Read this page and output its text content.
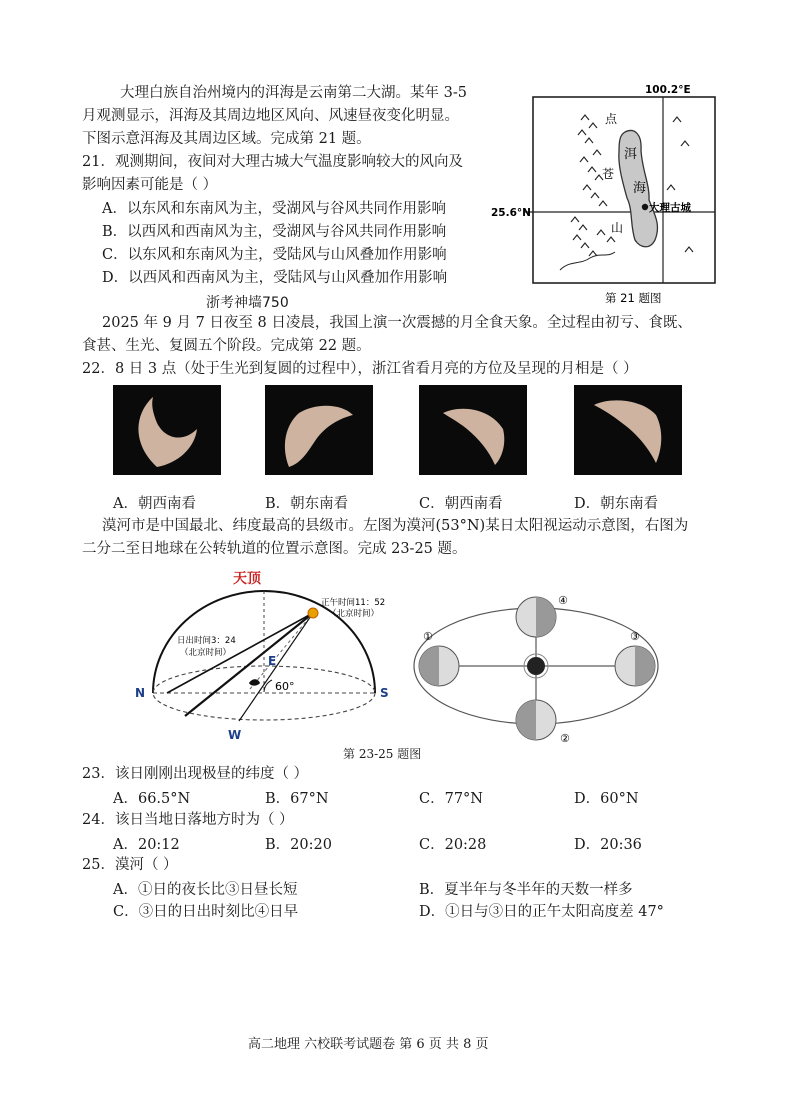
大理白族自治州境内的洱海是云南第二大湖。某年 3-5
月观测显示，洱海及其周边地区风向、风速昼夜变化明显。
下图示意洱海及其周边区域。完成第 21 题。
21．观测期间，夜间对大理古城大气温度影响较大的风向及
影响因素可能是（ ）
A．以东风和东南风为主，受湖风与谷风共同作用影响
B．以西风和西南风为主，受湖风与谷风共同作用影响
C．以东风和东南风为主，受陆风与山风叠加作用影响
D．以西风和西南风为主，受陆风与山风叠加作用影响
100.2°E
25.6°N
洱
海
点
苍
山
大理古城
第 21 题图
浙考神墙750
2025 年 9 月 7 日夜至 8 日凌晨，我国上演一次震撼的月全食天象。全过程由初亏、食既、
食甚、生光、复圆五个阶段。完成第 22 题。
22．8 日 3 点（处于生光到复圆的过程中），浙江省看月亮的方位及呈现的月相是（ ）
A．朝西南看	B．朝东南看	C．朝西南看	D．朝东南看
漠河市是中国最北、纬度最高的县级市。左图为漠河(53°N)某日太阳视运动示意图，右图为
二分二至日地球在公转轨道的位置示意图。完成 23-25 题。
天顶
60°
正午时间11：52
（北京时间）
日出时间3：24
（北京时间）
N	S
E
W
①
②
③
④
第 23-25 题图
23．该日刚刚出现极昼的纬度（ ）
A．66.5°N	B．67°N	C．77°N	D．60°N
24．该日当地日落地方时为（ ）
A．20:12	B．20:20	C．20:28	D．20:36
25．漠河（ ）
A．①日的夜长比③日昼长短	B．夏半年与冬半年的天数一样多
C．③日的日出时刻比④日早	D．①日与③日的正午太阳高度差 47°
高二地理 六校联考试题卷 第 6 页 共 8 页
